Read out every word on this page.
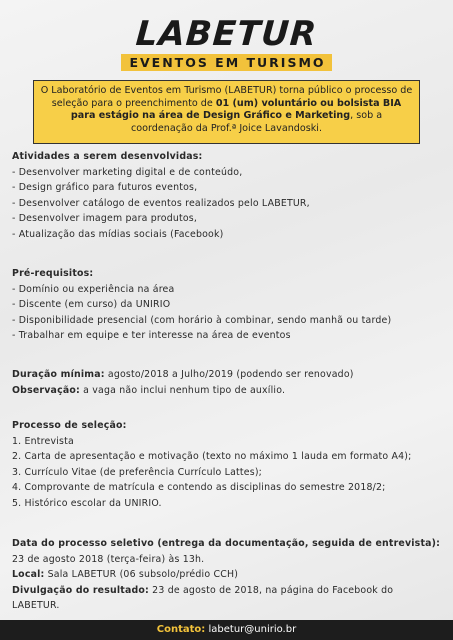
LABETUR
EVENTOS EM TURISMO
O Laboratório de Eventos em Turismo (LABETUR) torna público o processo de seleção para o preenchimento de 01 (um) voluntário ou bolsista BIA para estágio na área de Design Gráfico e Marketing, sob a coordenação da Prof.ª Joice Lavandoski.
Atividades a serem desenvolvidas:
- Desenvolver marketing digital e de conteúdo,
- Design gráfico para futuros eventos,
- Desenvolver catálogo de eventos realizados pelo LABETUR,
- Desenvolver imagem para produtos,
- Atualização das mídias sociais (Facebook)
Pré-requisitos:
- Domínio ou experiência na área
- Discente (em curso) da UNIRIO
- Disponibilidade presencial (com horário à combinar, sendo manhã ou tarde)
- Trabalhar em equipe e ter interesse na área de eventos
Duração mínima: agosto/2018 a Julho/2019 (podendo ser renovado)
Observação: a vaga não inclui nenhum tipo de auxílio.
Processo de seleção:
1. Entrevista
2. Carta de apresentação e motivação (texto no máximo 1 lauda em formato A4);
3. Currículo Vitae (de preferência Currículo Lattes);
4. Comprovante de matrícula e contendo as disciplinas do semestre 2018/2;
5. Histórico escolar da UNIRIO.
Data do processo seletivo (entrega da documentação, seguida de entrevista):
23 de agosto 2018 (terça-feira) às 13h.
Local: Sala LABETUR (06 subsolo/prédio CCH)
Divulgação do resultado: 23 de agosto de 2018, na página do Facebook do
LABETUR.
Contato: labetur@unirio.br
